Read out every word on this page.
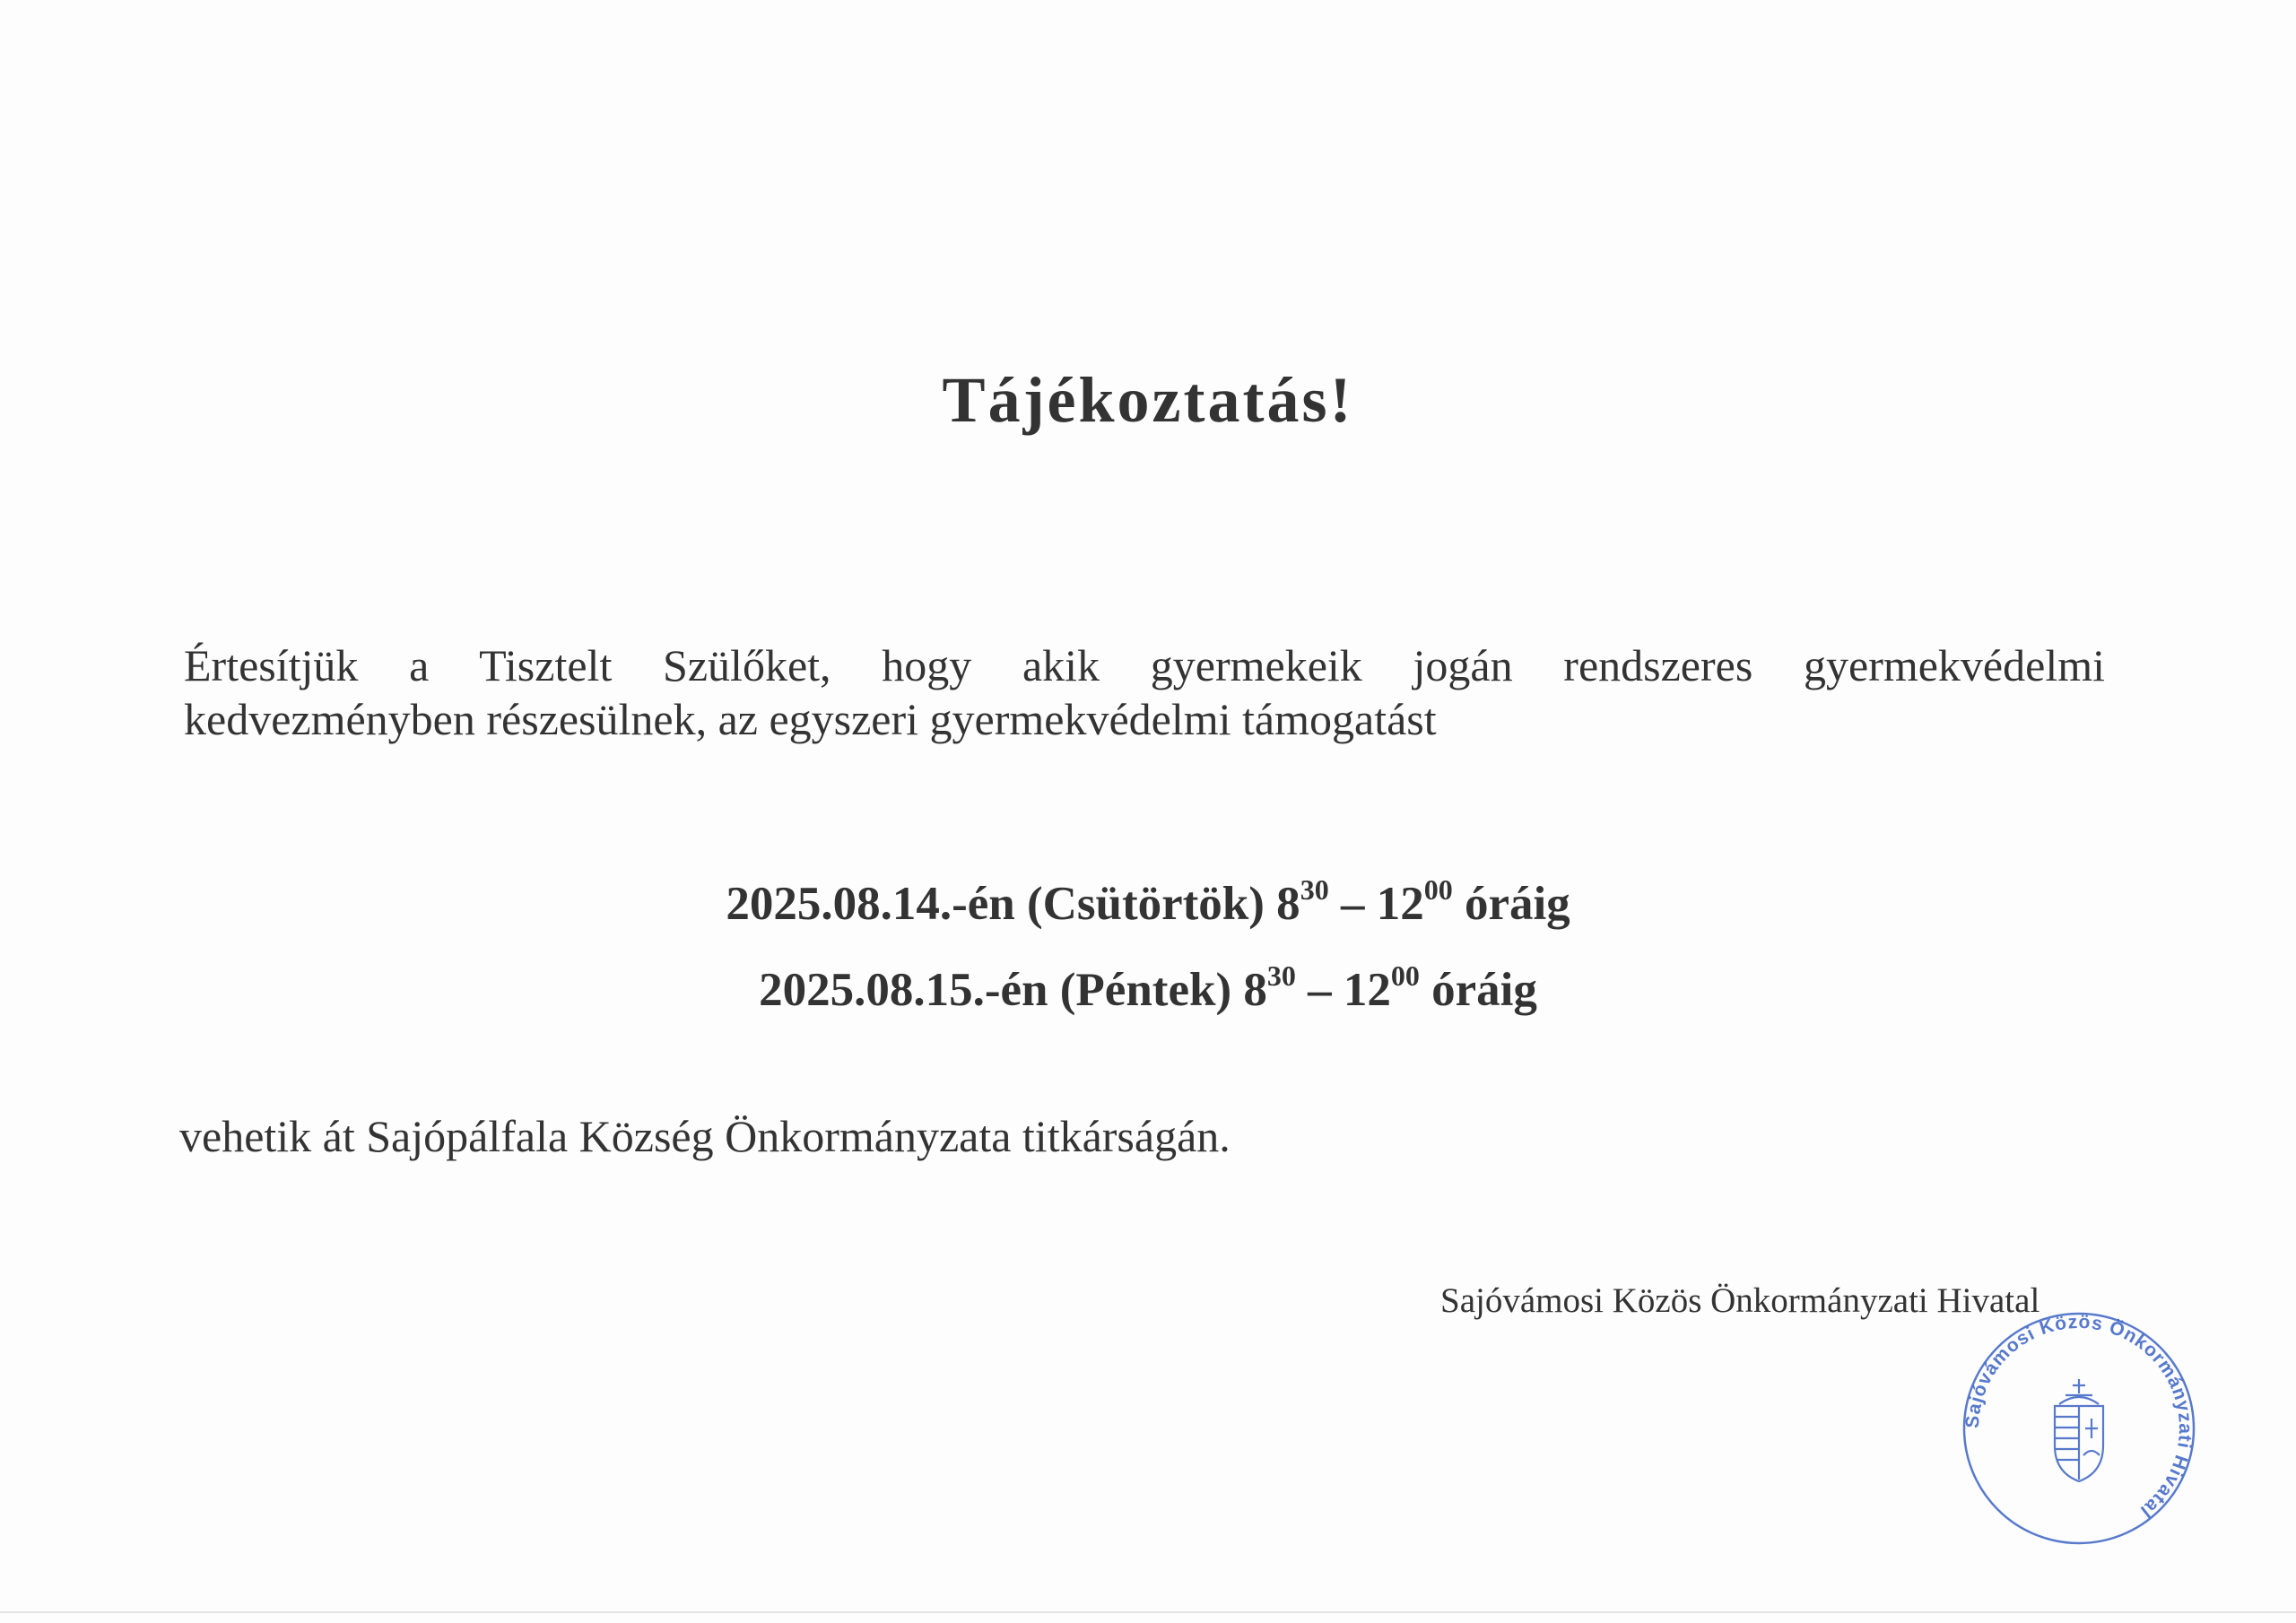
Tájékoztatás!
Értesítjük a Tisztelt Szülőket, hogy akik gyermekeik jogán rendszeres gyermekvédelmi
kedvezményben részesülnek, az egyszeri gyermekvédelmi támogatást
2025.08.14.-én (Csütörtök) $8^{30} - 12^{00}$ óráig
2025.08.15.-én (Péntek) $8^{30} - 12^{00}$ óráig
vehetik át Sajópálfala Község Önkormányzata titkárságán.
Sajóvámosi Közös Önkormányzati Hivatal
Sajóvámosi Közös Önkormányzati Hivatal
